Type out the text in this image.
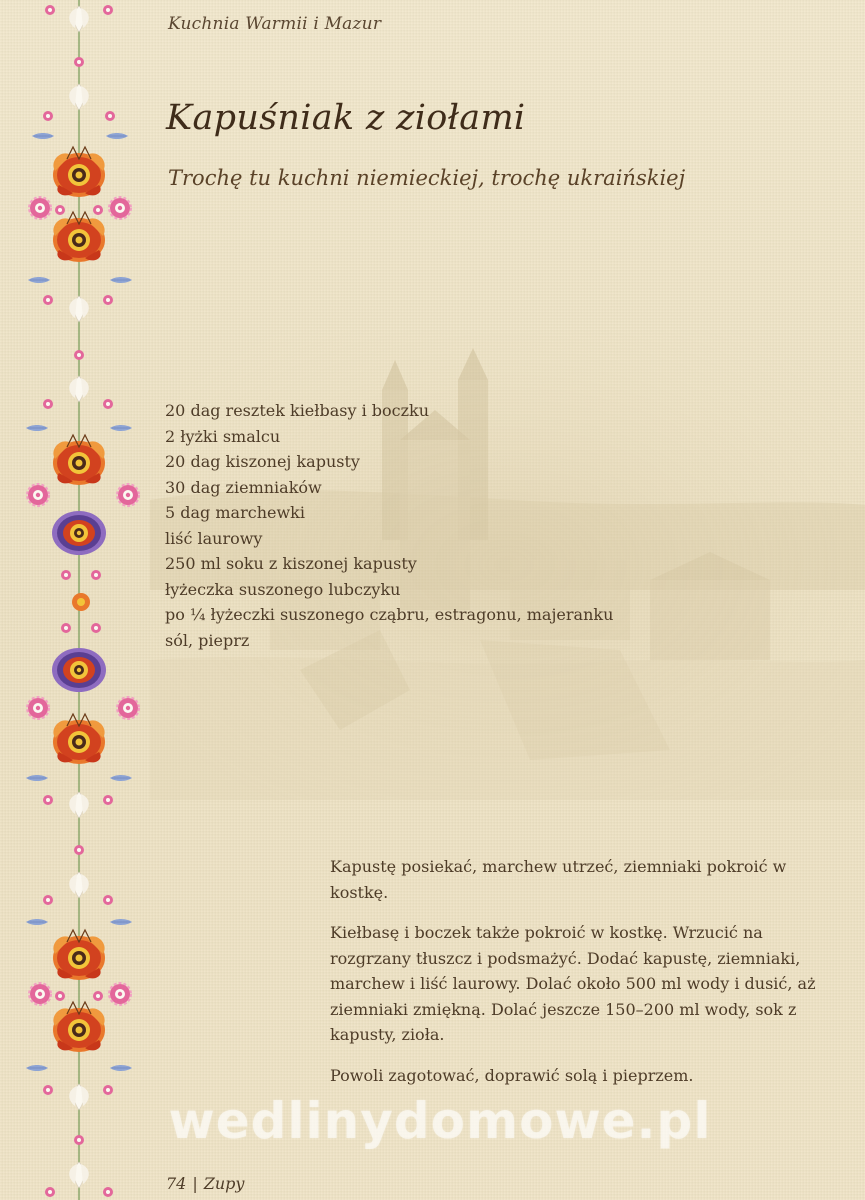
Kuchnia Warmii i Mazur
Kapuśniak z ziołami
Trochę tu kuchni niemieckiej, trochę ukraińskiej
20 dag resztek kiełbasy i boczku
2 łyżki smalcu
20 dag kiszonej kapusty
30 dag ziemniaków
5 dag marchewki
liść laurowy
250 ml soku z kiszonej kapusty
łyżeczka suszonego lubczyku
po ¼ łyżeczki suszonego cząbru, estragonu, majeranku
sól, pieprz

Kapustę posiekać, marchew utrzeć, ziemniaki pokroić w kostkę.

Kiełbasę i boczek także pokroić w kostkę. Wrzucić na rozgrzany tłuszcz i podsmażyć. Dodać kapustę, ziemniaki, marchew i liść laurowy. Dolać około 500 ml wody i dusić, aż ziemniaki zmiękną. Dolać jeszcze 150–200 ml wody, sok z kapusty, zioła.

Powoli zagotować, doprawić solą i pieprzem.

wedlinydomowe.pl
74 | Zupy
